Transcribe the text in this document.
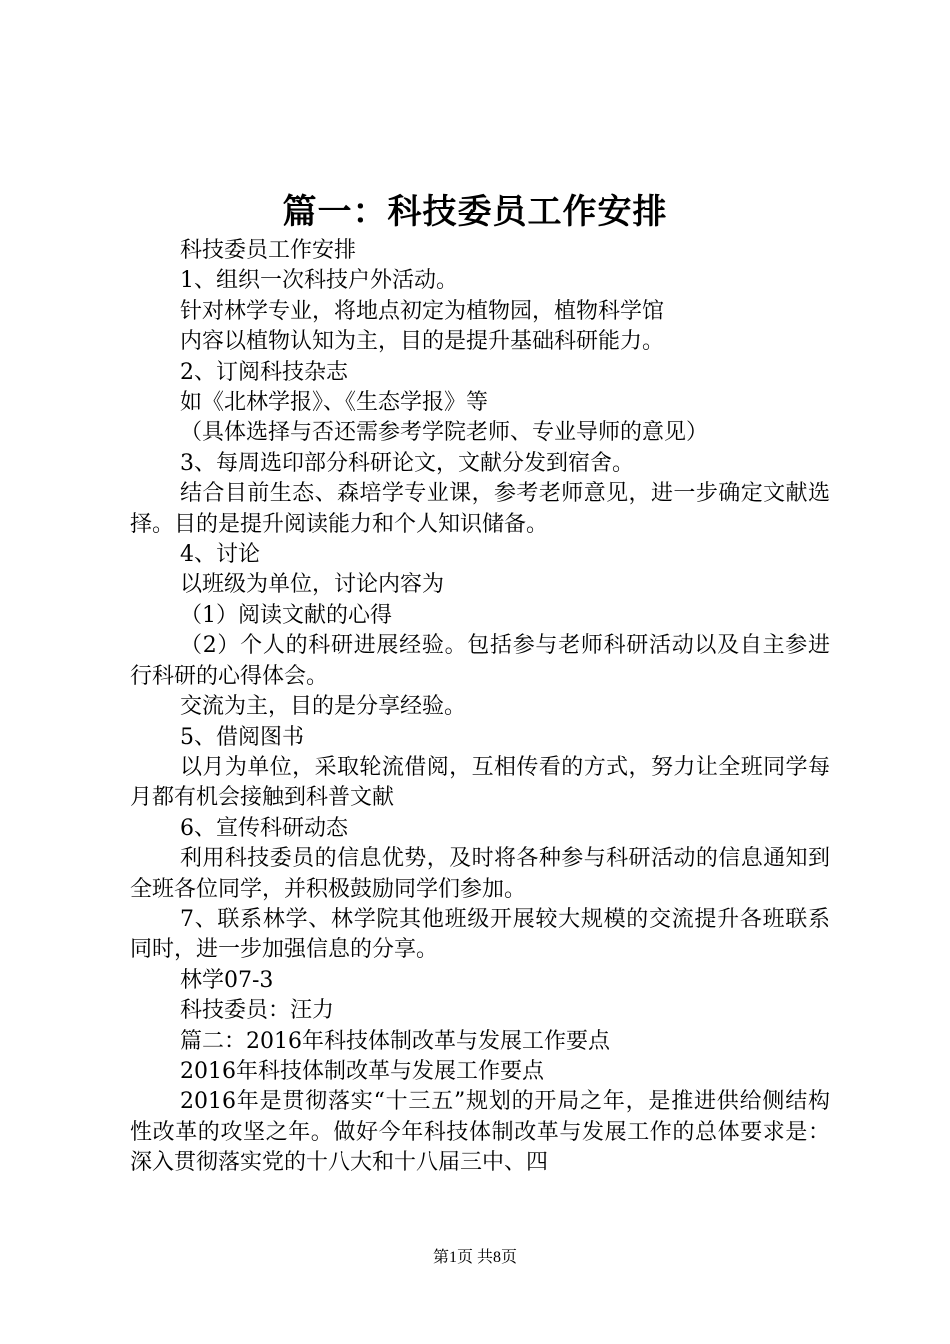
篇一：科技委员工作安排

科技委员工作安排

1、组织一次科技户外活动。

针对林学专业，将地点初定为植物园，植物科学馆

内容以植物认知为主，目的是提升基础科研能力。

2、订阅科技杂志

如《北林学报》、《生态学报》等

（具体选择与否还需参考学院老师、专业导师的意见）

3、每周选印部分科研论文，文献分发到宿舍。

结合目前生态、森培学专业课，参考老师意见，进一步确定文献选择。目的是提升阅读能力和个人知识储备。

4、讨论

以班级为单位，讨论内容为

（1）阅读文献的心得

（2）个人的科研进展经验。包括参与老师科研活动以及自主参进行科研的心得体会。

交流为主，目的是分享经验。

5、借阅图书

以月为单位，采取轮流借阅，互相传看的方式，努力让全班同学每月都有机会接触到科普文献

6、宣传科研动态

利用科技委员的信息优势，及时将各种参与科研活动的信息通知到全班各位同学，并积极鼓励同学们参加。

7、联系林学、林学院其他班级开展较大规模的交流提升各班联系同时，进一步加强信息的分享。

林学07-3

科技委员：汪力

篇二：2016年科技体制改革与发展工作要点

2016年科技体制改革与发展工作要点

2016年是贯彻落实“十三五”规划的开局之年，是推进供给侧结构性改革的攻坚之年。做好今年科技体制改革与发展工作的总体要求是：深入贯彻落实党的十八大和十八届三中、四

第1页 共8页
